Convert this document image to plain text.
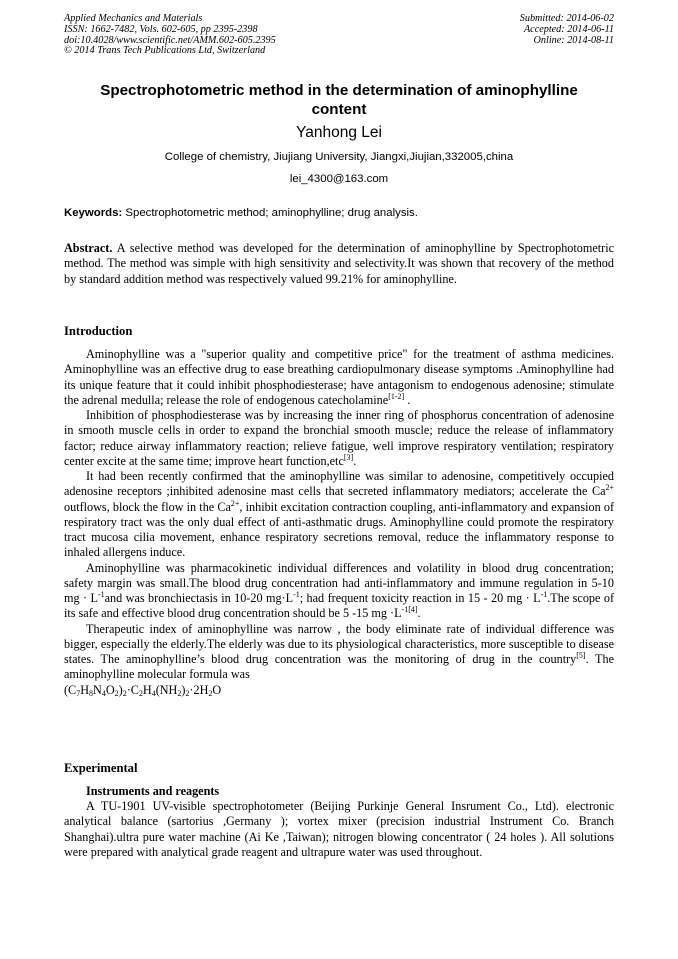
Applied Mechanics and Materials
ISSN: 1662-7482, Vols. 602-605, pp 2395-2398
doi:10.4028/www.scientific.net/AMM.602-605.2395
© 2014 Trans Tech Publications Ltd, Switzerland
Submitted: 2014-06-02
Accepted: 2014-06-11
Online: 2014-08-11
Spectrophotometric method in the determination of aminophylline
content
Yanhong Lei
College of chemistry, Jiujiang University, Jiangxi,Jiujian,332005,china
lei_4300@163.com
Keywords: Spectrophotometric method; aminophylline; drug analysis.

Abstract. A selective method was developed for the determination of aminophylline by Spectrophotometric method. The method was simple with high sensitivity and selectivity.It was shown that recovery of the method by standard addition method was respectively valued 99.21% for aminophylline.

Introduction

Aminophylline was a "superior quality and competitive price" for the treatment of asthma medicines. Aminophylline was an effective drug to ease breathing cardiopulmonary disease symptoms .Aminophylline had its unique feature that it could inhibit phosphodiesterase; have antagonism to endogenous adenosine; stimulate the adrenal medulla; release the role of endogenous catecholamine[1-2] .

Inhibition of phosphodiesterase was by increasing the inner ring of phosphorus concentration of adenosine in smooth muscle cells in order to expand the bronchial smooth muscle; reduce the release of inflammatory factor; reduce airway inflammatory reaction; relieve fatigue, well improve respiratory ventilation; respiratory center excite at the same time; improve heart function,etc[3].

It had been recently confirmed that the aminophylline was similar to adenosine, competitively occupied adenosine receptors ;inhibited adenosine mast cells that secreted inflammatory mediators; accelerate the $Ca^{2+}$ outflows, block the flow in the $Ca^{2+}$, inhibit excitation contraction coupling, anti-inflammatory and expansion of respiratory tract was the only dual effect of anti-asthmatic drugs. Aminophylline could promote the respiratory tract mucosa cilia movement, enhance respiratory secretions removal, reduce the inflammatory response to inhaled allergens induce.

Aminophylline was pharmacokinetic individual differences and volatility in blood drug concentration; safety margin was small.The blood drug concentration had anti-inflammatory and immune regulation in 5-10 mg · $L^{-1}and$ was bronchiectasis in 10-20 $mg\cdot L^{-1}$; had frequent toxicity reaction in 15 - 20 mg · $L^{-1}.The$ scope of its safe and effective blood drug concentration should be 5 -15 mg $\cdot L^{-1[4]}$.

Therapeutic index of aminophylline was narrow , the body eliminate rate of individual difference was bigger, especially the elderly.The elderly was due to its physiological characteristics, more susceptible to disease states. The aminophylline’s blood drug concentration was the monitoring of drug in the country[5]. The aminophylline molecular formula was

$(C_7H_8N_4O_2)_2\cdot C_2H_4(NH_2)_2\cdot 2H_2O$

Experimental
Instruments and reagents

A TU-1901 UV-visible spectrophotometer (Beijing Purkinje General Insrument Co., Ltd). electronic analytical balance (sartorius ,Germany ); vortex mixer (precision industrial Instrument Co. Branch Shanghai).ultra pure water machine (Ai Ke ,Taiwan); nitrogen blowing concentrator ( 24 holes ). All solutions were prepared with analytical grade reagent and ultrapure water was used throughout.
